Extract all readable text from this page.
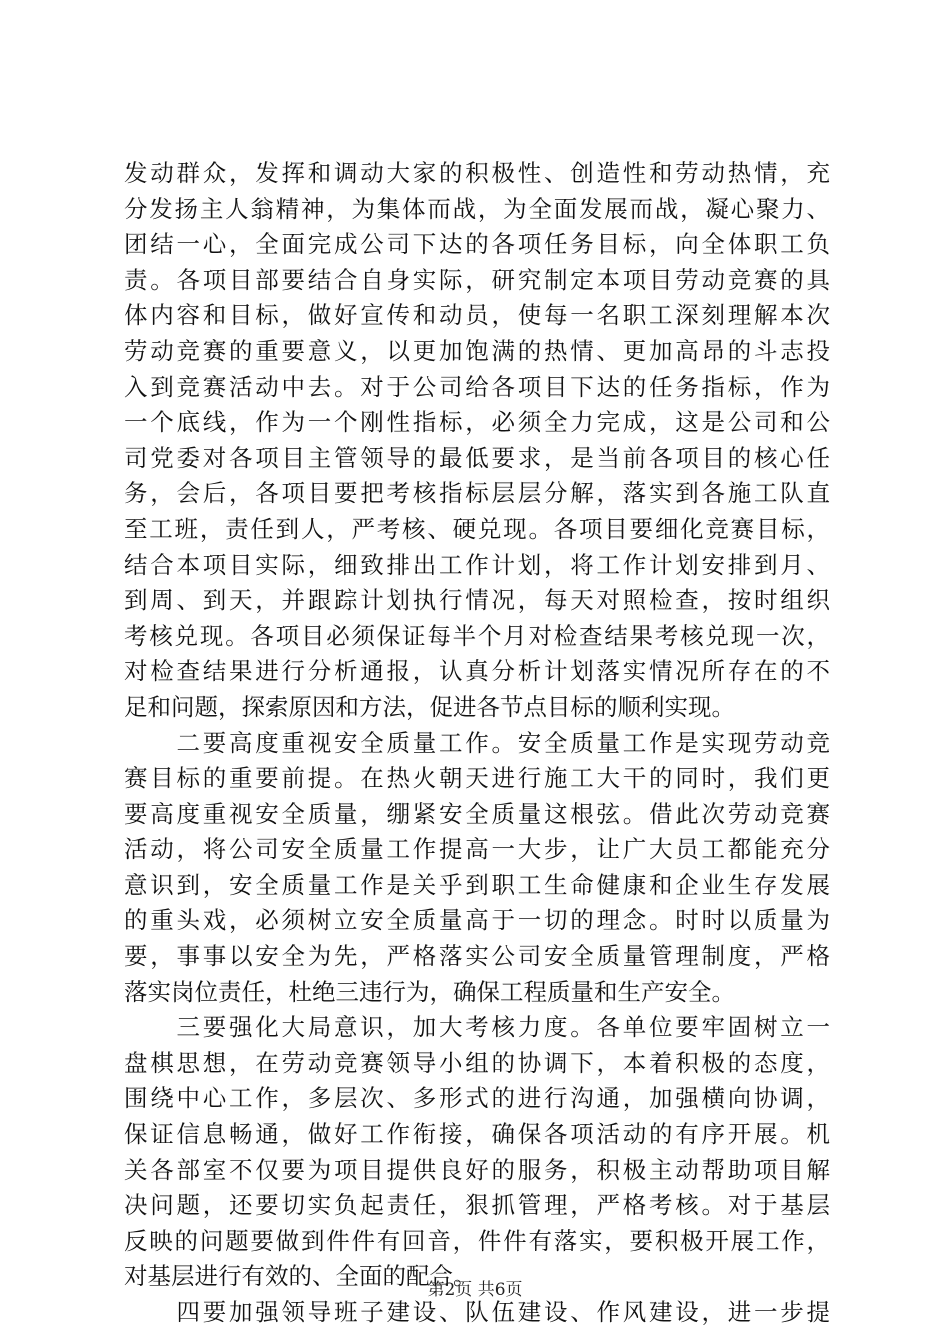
发动群众，发挥和调动大家的积极性、创造性和劳动热情，充
分发扬主人翁精神，为集体而战，为全面发展而战，凝心聚力、
团结一心，全面完成公司下达的各项任务目标，向全体职工负
责。各项目部要结合自身实际，研究制定本项目劳动竞赛的具
体内容和目标，做好宣传和动员，使每一名职工深刻理解本次
劳动竞赛的重要意义，以更加饱满的热情、更加高昂的斗志投
入到竞赛活动中去。对于公司给各项目下达的任务指标，作为
一个底线，作为一个刚性指标，必须全力完成，这是公司和公
司党委对各项目主管领导的最低要求，是当前各项目的核心任
务，会后，各项目要把考核指标层层分解，落实到各施工队直
至工班，责任到人，严考核、硬兑现。各项目要细化竞赛目标，
结合本项目实际，细致排出工作计划，将工作计划安排到月、
到周、到天，并跟踪计划执行情况，每天对照检查，按时组织
考核兑现。各项目必须保证每半个月对检查结果考核兑现一次，
对检查结果进行分析通报，认真分析计划落实情况所存在的不
足和问题，探索原因和方法，促进各节点目标的顺利实现。
　　二要高度重视安全质量工作。安全质量工作是实现劳动竞
赛目标的重要前提。在热火朝天进行施工大干的同时，我们更
要高度重视安全质量，绷紧安全质量这根弦。借此次劳动竞赛
活动，将公司安全质量工作提高一大步，让广大员工都能充分
意识到，安全质量工作是关乎到职工生命健康和企业生存发展
的重头戏，必须树立安全质量高于一切的理念。时时以质量为
要，事事以安全为先，严格落实公司安全质量管理制度，严格
落实岗位责任，杜绝三违行为，确保工程质量和生产安全。
　　三要强化大局意识，加大考核力度。各单位要牢固树立一
盘棋思想，在劳动竞赛领导小组的协调下，本着积极的态度，
围绕中心工作，多层次、多形式的进行沟通，加强横向协调，
保证信息畅通，做好工作衔接，确保各项活动的有序开展。机
关各部室不仅要为项目提供良好的服务，积极主动帮助项目解
决问题，还要切实负起责任，狠抓管理，严格考核。对于基层
反映的问题要做到件件有回音，件件有落实，要积极开展工作，
对基层进行有效的、全面的配合。
　　四要加强领导班子建设、队伍建设、作风建设，进一步提
第2页 共6页
